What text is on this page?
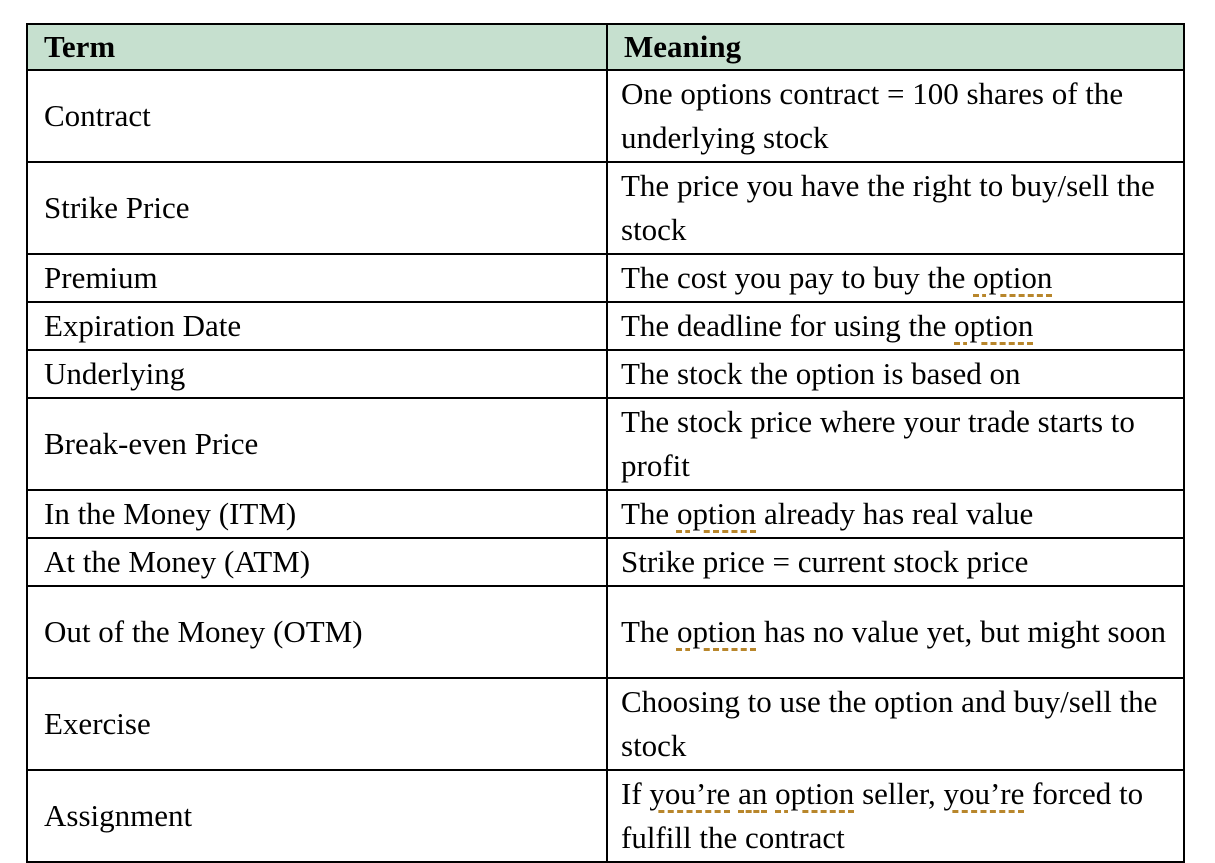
Term	Meaning
Contract	One options contract = 100 shares of the underlying stock
Strike Price	The price you have the right to buy/sell the stock
Premium	The cost you pay to buy the option
Expiration Date	The deadline for using the option
Underlying	The stock the option is based on
Break-even Price	The stock price where your trade starts to profit
In the Money (ITM)	The option already has real value
At the Money (ATM)	Strike price = current stock price
Out of the Money (OTM)	The option has no value yet, but might soon
Exercise	Choosing to use the option and buy/sell the stock
Assignment	If you’re an option seller, you’re forced to fulfill the contract
